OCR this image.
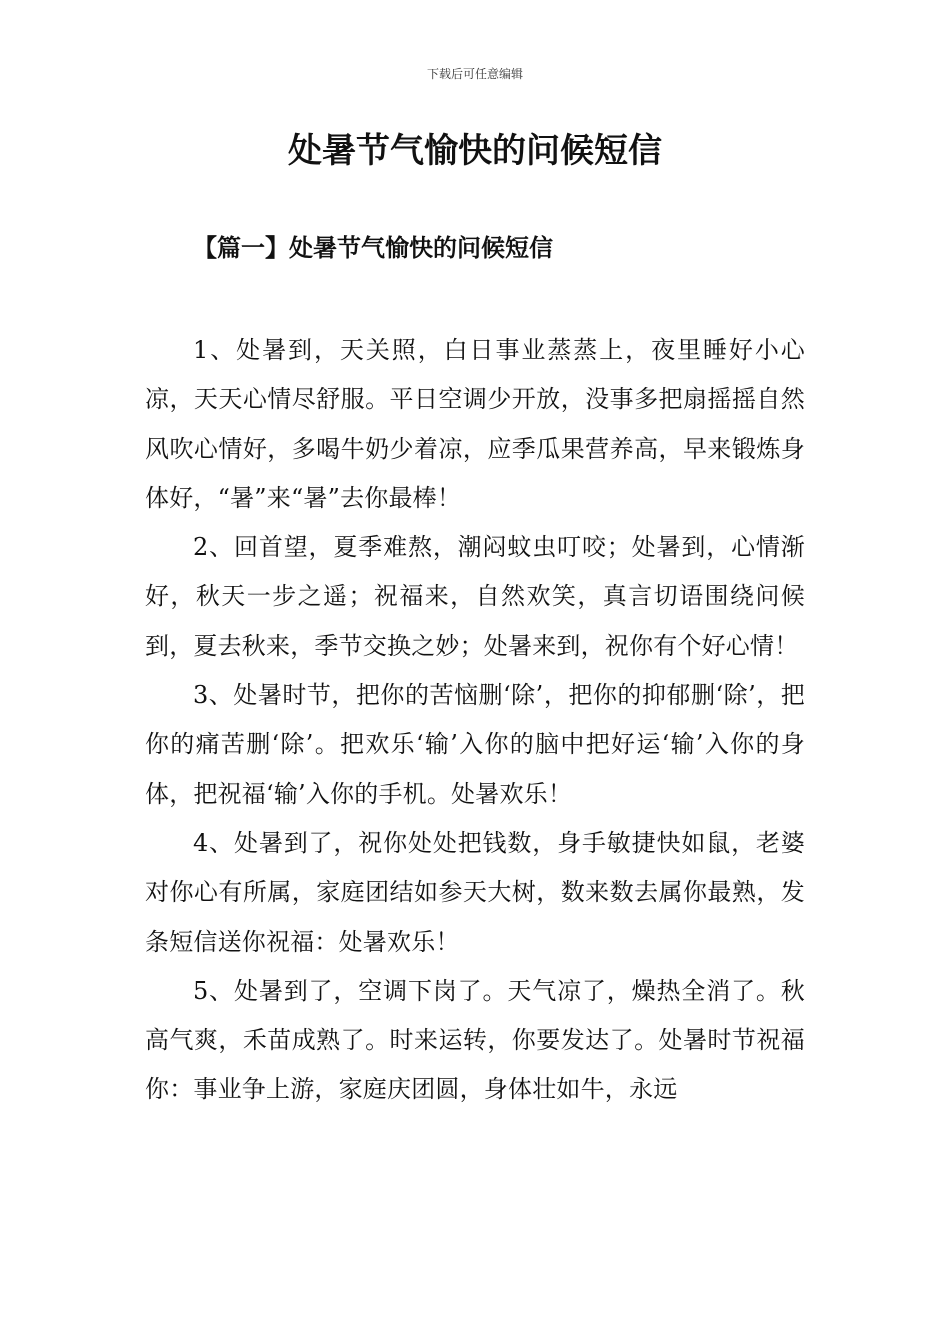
下载后可任意编辑
处暑节气愉快的问候短信
【篇一】处暑节气愉快的问候短信

1、处暑到，天关照，白日事业蒸蒸上，夜里睡好小心凉，天天心情尽舒服。平日空调少开放，没事多把扇摇摇自然风吹心情好，多喝牛奶少着凉，应季瓜果营养高，早来锻炼身体好，“暑”来“暑”去你最棒！

2、回首望，夏季难熬，潮闷蚊虫叮咬；处暑到，心情渐好，秋天一步之遥；祝福来，自然欢笑，真言切语围绕问候到，夏去秋来，季节交换之妙；处暑来到，祝你有个好心情！

3、处暑时节，把你的苦恼删‘除’，把你的抑郁删‘除’，把你的痛苦删‘除’。把欢乐‘输’入你的脑中把好运‘输’入你的身体，把祝福‘输’入你的手机。处暑欢乐！

4、处暑到了，祝你处处把钱数，身手敏捷快如鼠，老婆对你心有所属，家庭团结如参天大树，数来数去属你最熟，发条短信送你祝福：处暑欢乐！

5、处暑到了，空调下岗了。天气凉了，燥热全消了。秋高气爽，禾苗成熟了。时来运转，你要发达了。处暑时节祝福你：事业争上游，家庭庆团圆，身体壮如牛，永远
